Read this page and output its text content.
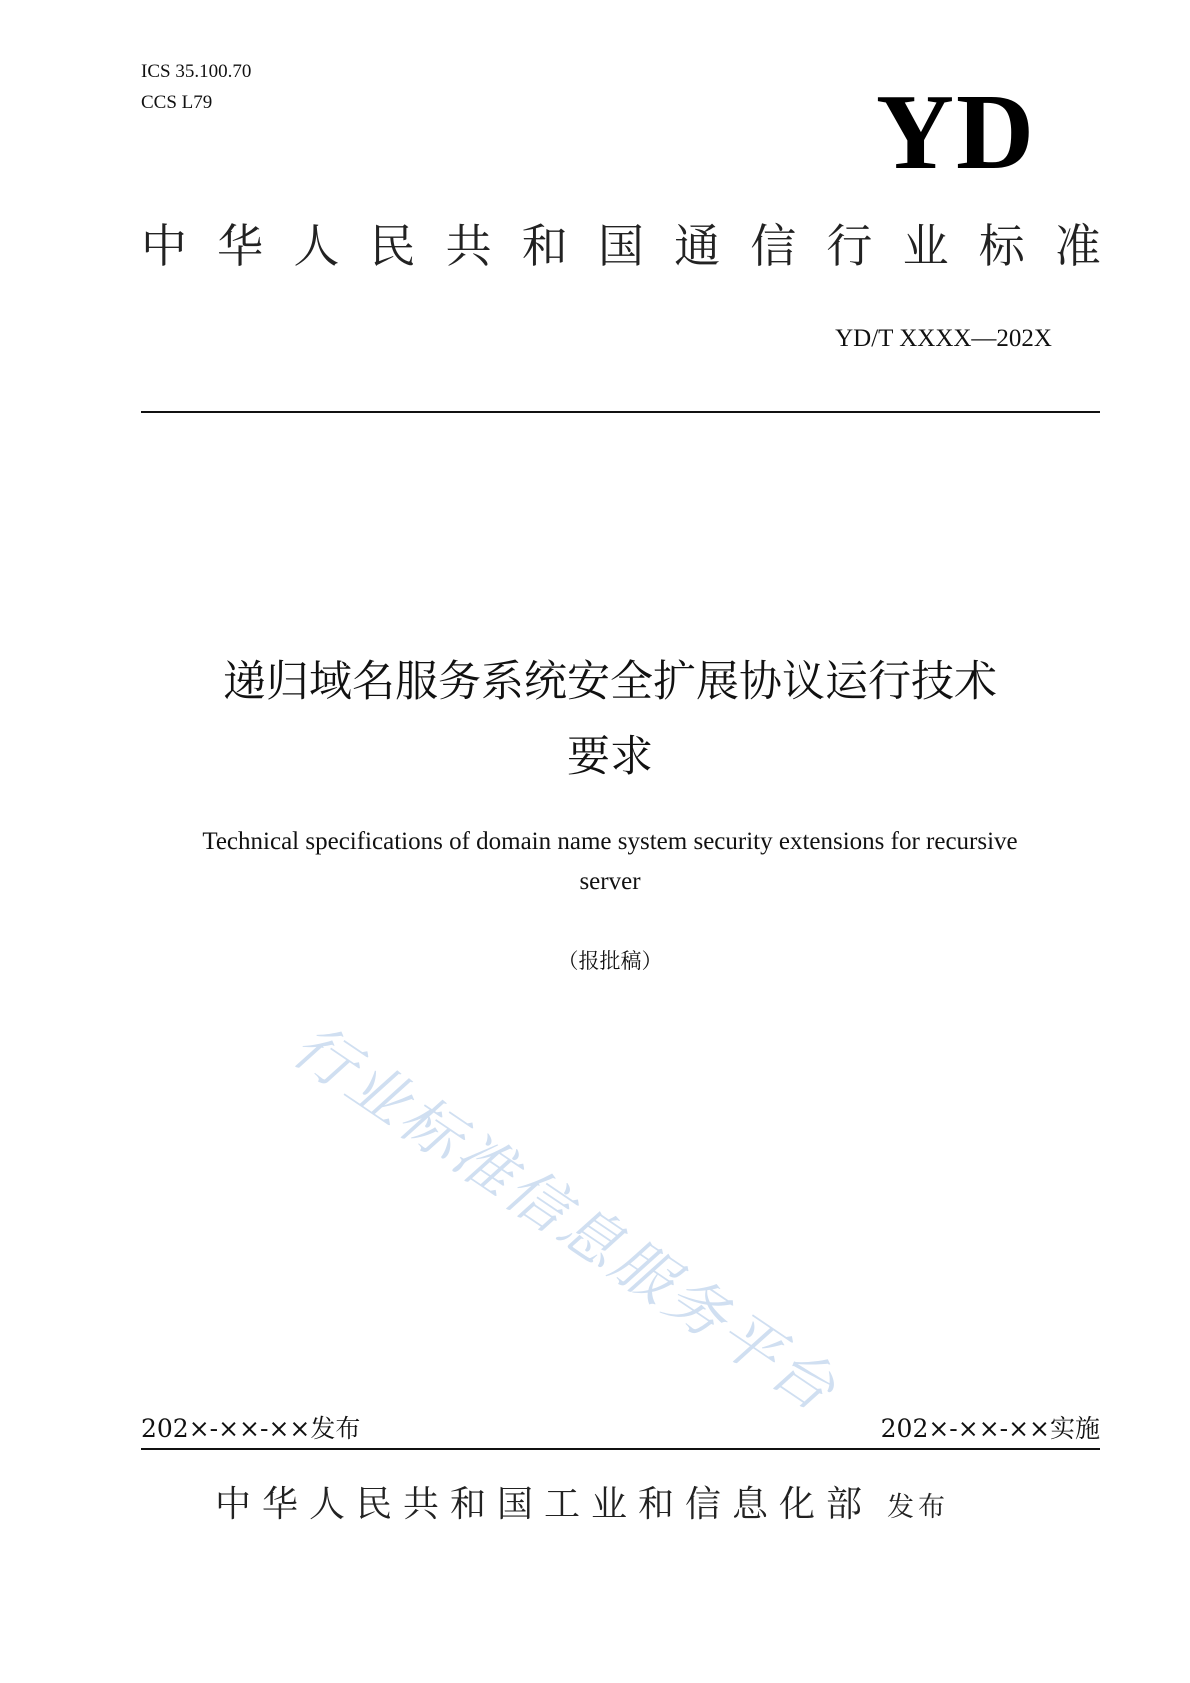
ICS 35.100.70
CCS L79	YD
中 华 人 民 共 和 国 通 信 行 业 标 准
YD/T XXXX—202X
递归域名服务系统安全扩展协议运行技术
要求
Technical specifications of domain name system security extensions for recursive
server
（报批稿）
行业标准信息服务平台
202×-××-××发布	202×-××-××实施
中华人民共和国工业和信息化部 发布
